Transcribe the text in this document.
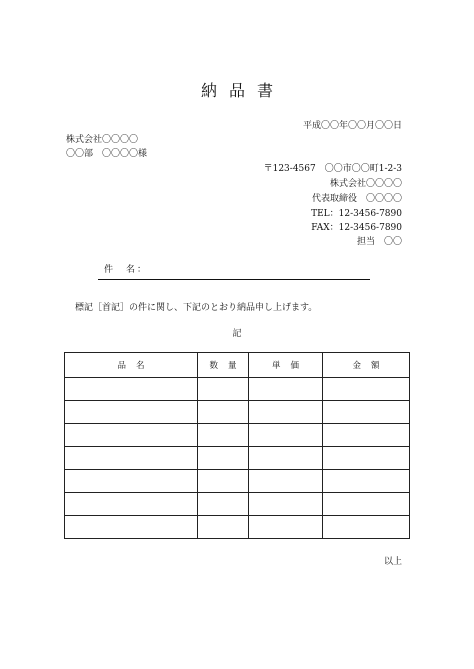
納品書
平成〇〇年〇〇月〇〇日
株式会社〇〇〇〇
〇〇部　〇〇〇〇様
〒123-4567　〇〇市〇〇町1-2-3
株式会社〇〇〇〇
代表取締役　〇〇〇〇
TEL：12-3456-7890
FAX：12-3456-7890
担当　〇〇
件　名：
標記［首記］の件に関し、下記のとおり納品申し上げます。
記
品名	数量	単価	金額

以上
